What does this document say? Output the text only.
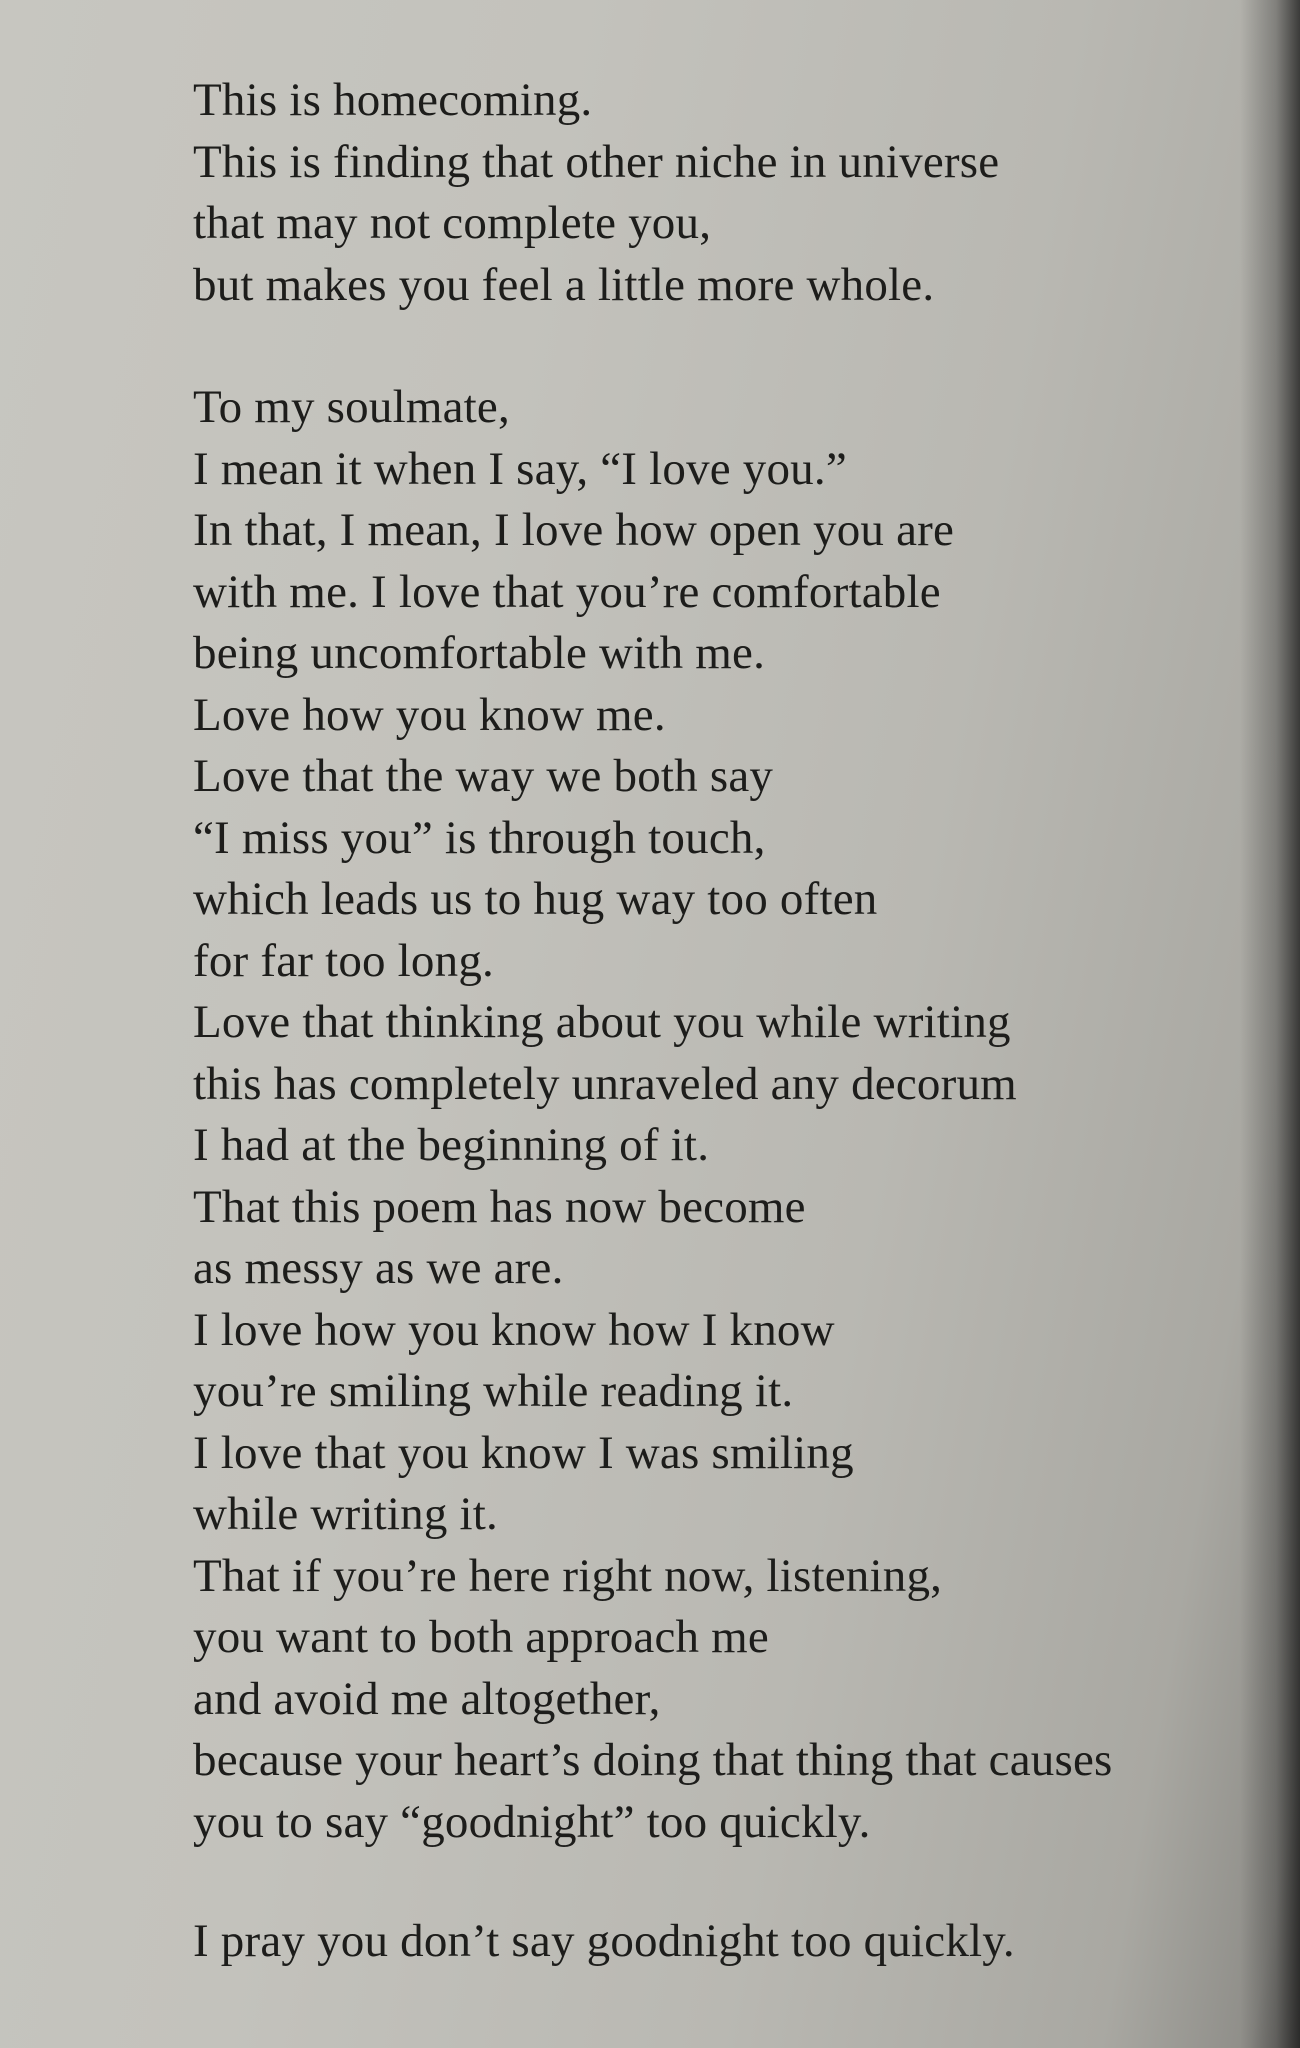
This is homecoming.
This is finding that other niche in universe
that may not complete you,
but makes you feel a little more whole.

To my soulmate,
I mean it when I say, “I love you.”
In that, I mean, I love how open you are
with me. I love that you’re comfortable
being uncomfortable with me.
Love how you know me.
Love that the way we both say
“I miss you” is through touch,
which leads us to hug way too often
for far too long.
Love that thinking about you while writing
this has completely unraveled any decorum
I had at the beginning of it.
That this poem has now become
as messy as we are.
I love how you know how I know
you’re smiling while reading it.
I love that you know I was smiling
while writing it.
That if you’re here right now, listening,
you want to both approach me
and avoid me altogether,
because your heart’s doing that thing that causes
you to say “goodnight” too quickly.

I pray you don’t say goodnight too quickly.
